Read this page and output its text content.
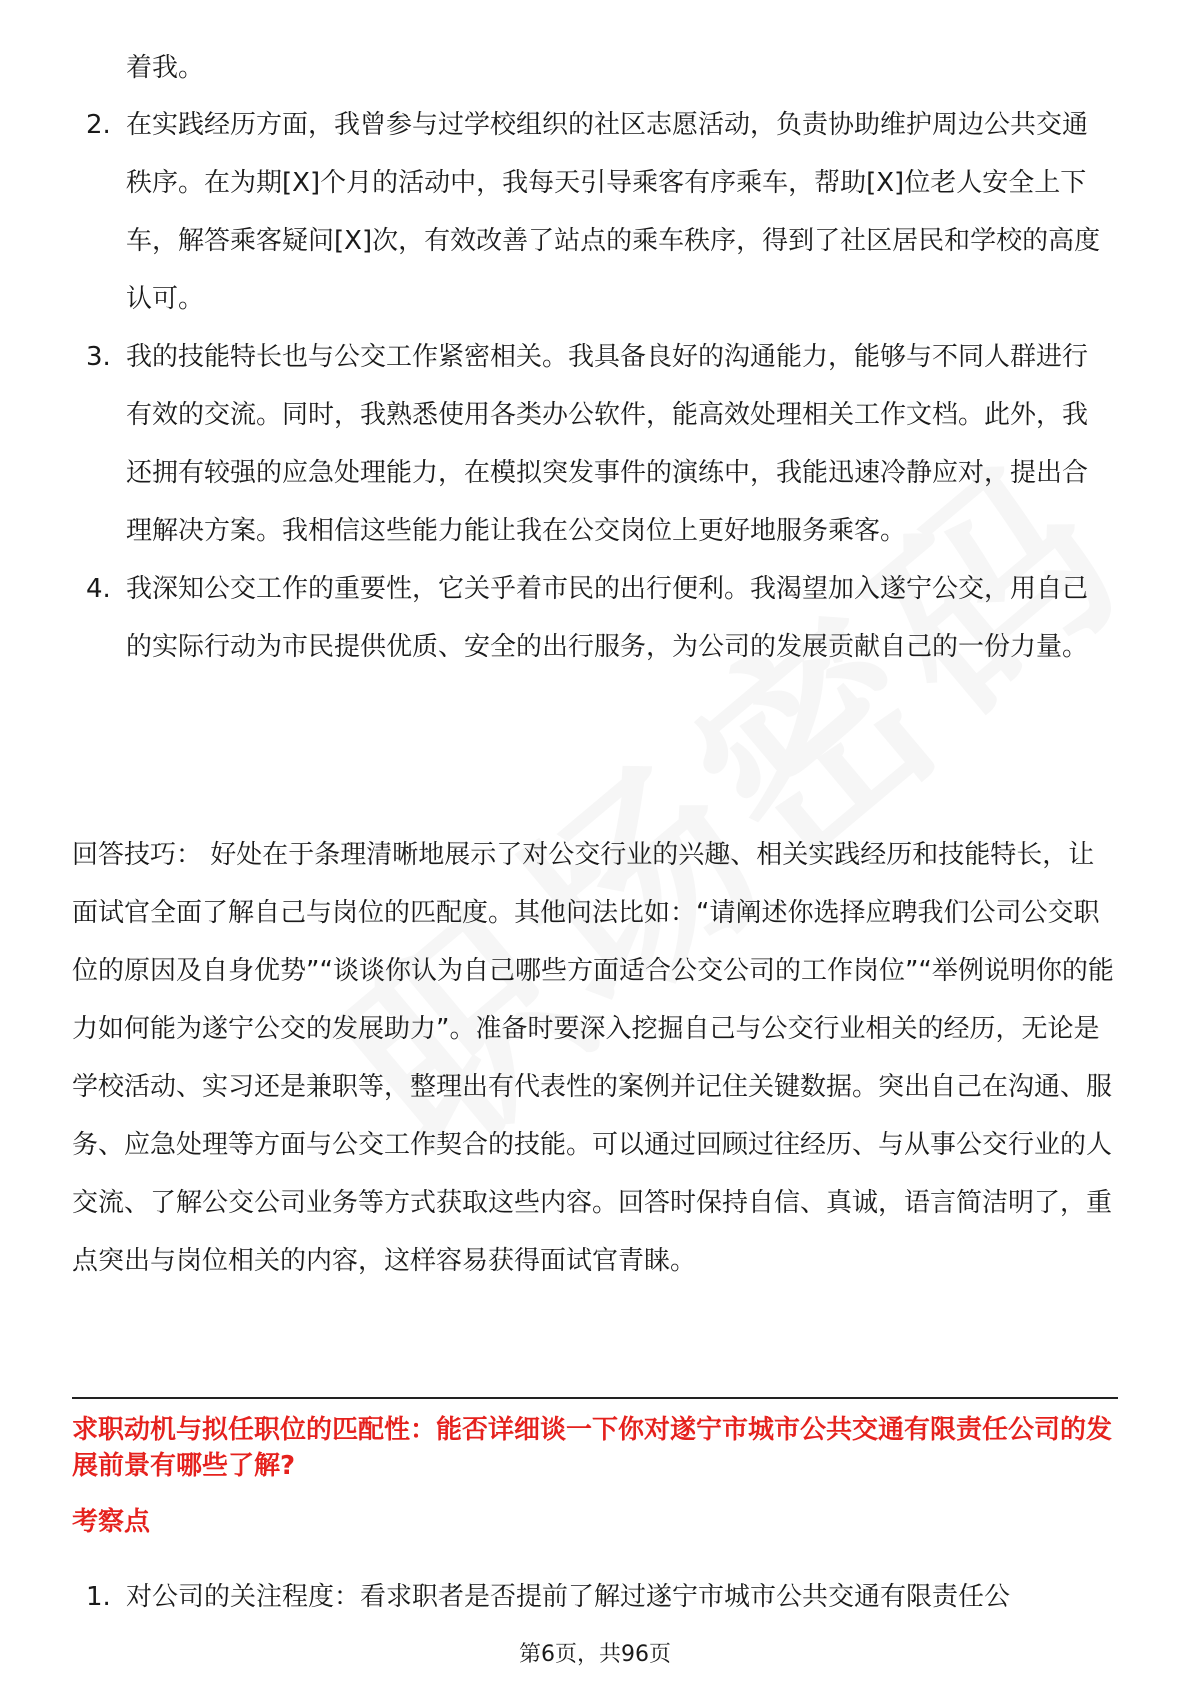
着我。
2. 在实践经历方面，我曾参与过学校组织的社区志愿活动，负责协助维护周边公共交通秩序。在为期[X]个月的活动中，我每天引导乘客有序乘车，帮助[X]位老人安全上下车，解答乘客疑问[X]次，有效改善了站点的乘车秩序，得到了社区居民和学校的高度认可。
3. 我的技能特长也与公交工作紧密相关。我具备良好的沟通能力，能够与不同人群进行有效的交流。同时，我熟悉使用各类办公软件，能高效处理相关工作文档。此外，我还拥有较强的应急处理能力，在模拟突发事件的演练中，我能迅速冷静应对，提出合理解决方案。我相信这些能力能让我在公交岗位上更好地服务乘客。
4. 我深知公交工作的重要性，它关乎着市民的出行便利。我渴望加入遂宁公交，用自己的实际行动为市民提供优质、安全的出行服务，为公司的发展贡献自己的一份力量。

回答技巧： 好处在于条理清晰地展示了对公交行业的兴趣、相关实践经历和技能特长，让面试官全面了解自己与岗位的匹配度。其他问法比如：“请阐述你选择应聘我们公司公交职位的原因及自身优势”“谈谈你认为自己哪些方面适合公交公司的工作岗位”“举例说明你的能力如何能为遂宁公交的发展助力”。准备时要深入挖掘自己与公交行业相关的经历，无论是学校活动、实习还是兼职等，整理出有代表性的案例并记住关键数据。突出自己在沟通、服务、应急处理等方面与公交工作契合的技能。可以通过回顾过往经历、与从事公交行业的人交流、了解公交公司业务等方式获取这些内容。回答时保持自信、真诚，语言简洁明了，重点突出与岗位相关的内容，这样容易获得面试官青睐。

求职动机与拟任职位的匹配性：能否详细谈一下你对遂宁市城市公共交通有限责任公司的发展前景有哪些了解?

考察点
1. 对公司的关注程度：看求职者是否提前了解过遂宁市城市公共交通有限责任公
第6页，共96页
